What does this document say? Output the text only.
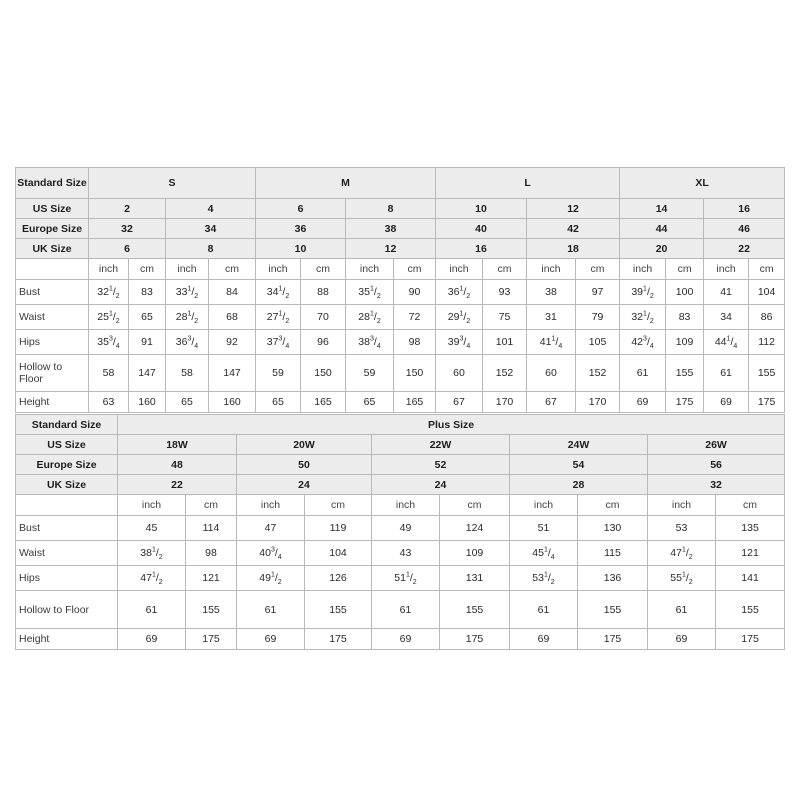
Standard Size	S				M				L				XL			
US Size	2		4		6		8		10		12		14		16	
Europe Size	32		34		36		38		40		42		44		46	
UK Size	6		8		10		12		16		18		20		22	
	inch	cm	inch	cm	inch	cm	inch	cm	inch	cm	inch	cm	inch	cm	inch	cm
Bust	$32^1/_2$	83	$33^1/_2$	84	$34^1/_2$	88	$35^1/_2$	90	$36^1/_2$	93	38	97	$39^1/_2$	100	41	104
Waist	$25^1/_2$	65	$28^1/_2$	68	$27^1/_2$	70	$28^1/_2$	72	$29^1/_2$	75	31	79	$32^1/_2$	83	34	86
Hips	$35^3/_4$	91	$36^3/_4$	92	$37^3/_4$	96	$38^3/_4$	98	$39^3/_4$	101	$41^1/_4$	105	$42^3/_4$	109	$44^1/_4$	112
Hollow to Floor	58	147	58	147	59	150	59	150	60	152	60	152	61	155	61	155
Height	63	160	65	160	65	165	65	165	67	170	67	170	69	175	69	175
Standard Size	Plus Size									
US Size	18W		20W		22W		24W		26W	
Europe Size	48		50		52		54		56	
UK Size	22		24		24		28		32	
	inch	cm	inch	cm	inch	cm	inch	cm	inch	cm
Bust	45	114	47	119	49	124	51	130	53	135
Waist	$38^1/_2$	98	$40^3/_4$	104	43	109	$45^1/_4$	115	$47^1/_2$	121
Hips	$47^1/_2$	121	$49^1/_2$	126	$51^1/_2$	131	$53^1/_2$	136	$55^1/_2$	141
Hollow to Floor	61	155	61	155	61	155	61	155	61	155
Height	69	175	69	175	69	175	69	175	69	175
